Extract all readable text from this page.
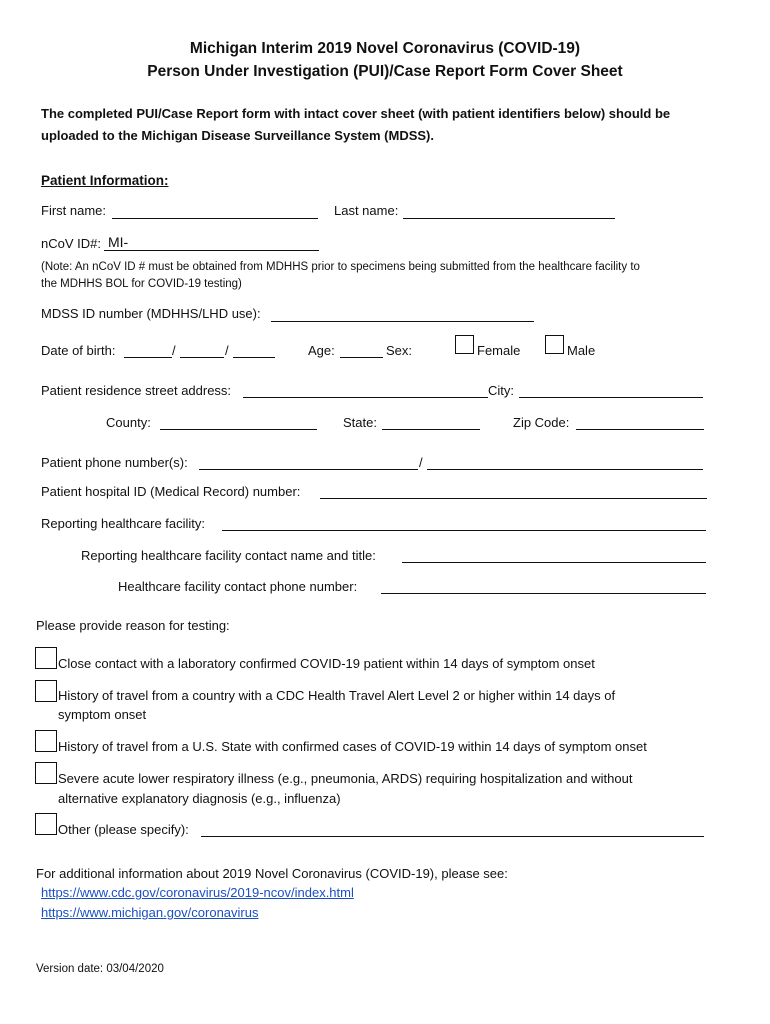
Michigan Interim 2019 Novel Coronavirus (COVID-19)
Person Under Investigation (PUI)/Case Report Form Cover Sheet
The completed PUI/Case Report form with intact cover sheet (with patient identifiers below) should be
uploaded to the Michigan Disease Surveillance System (MDSS).
Patient Information:
First name:	Last name:
nCoV ID#: MI-
(Note: An nCoV ID # must be obtained from MDHHS prior to specimens being submitted from the healthcare facility to
the MDHHS BOL for COVID-19 testing)
MDSS ID number (MDHHS/LHD use):
Date of birth:	/	/	Age:	Sex:	Female	Male
Patient residence street address:	City:
County:	State:	Zip Code:
Patient phone number(s):	/
Patient hospital ID (Medical Record) number:
Reporting healthcare facility:
Reporting healthcare facility contact name and title:
Healthcare facility contact phone number:
Please provide reason for testing:
Close contact with a laboratory confirmed COVID-19 patient within 14 days of symptom onset
History of travel from a country with a CDC Health Travel Alert Level 2 or higher within 14 days of
symptom onset
History of travel from a U.S. State with confirmed cases of COVID-19 within 14 days of symptom onset
Severe acute lower respiratory illness (e.g., pneumonia, ARDS) requiring hospitalization and without
alternative explanatory diagnosis (e.g., influenza)
Other (please specify):
For additional information about 2019 Novel Coronavirus (COVID-19), please see:
https://www.cdc.gov/coronavirus/2019-ncov/index.html
https://www.michigan.gov/coronavirus
Version date: 03/04/2020
